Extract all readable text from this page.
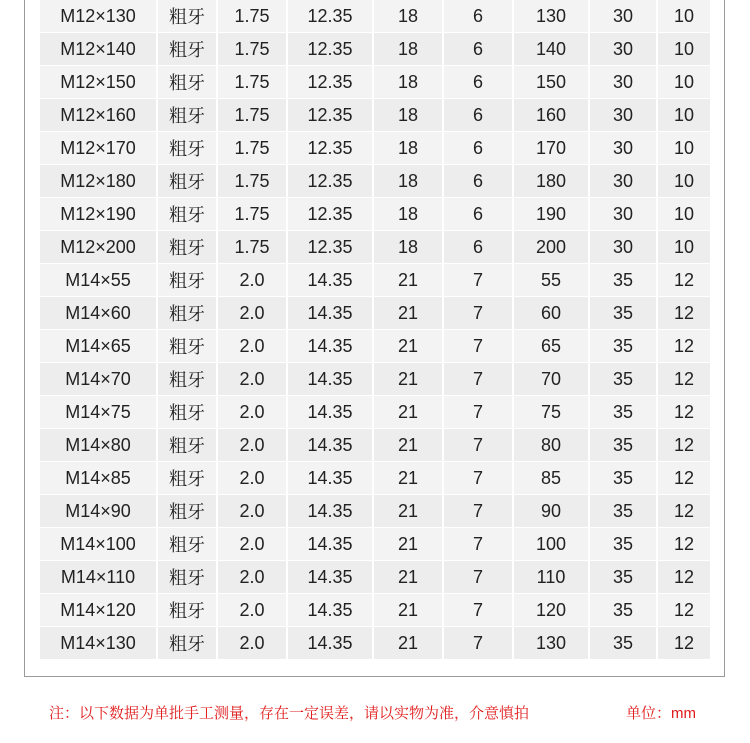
M12×130	粗牙	1.75	12.35	18	6	130	30	10
M12×140	粗牙	1.75	12.35	18	6	140	30	10
M12×150	粗牙	1.75	12.35	18	6	150	30	10
M12×160	粗牙	1.75	12.35	18	6	160	30	10
M12×170	粗牙	1.75	12.35	18	6	170	30	10
M12×180	粗牙	1.75	12.35	18	6	180	30	10
M12×190	粗牙	1.75	12.35	18	6	190	30	10
M12×200	粗牙	1.75	12.35	18	6	200	30	10
M14×55	粗牙	2.0	14.35	21	7	55	35	12
M14×60	粗牙	2.0	14.35	21	7	60	35	12
M14×65	粗牙	2.0	14.35	21	7	65	35	12
M14×70	粗牙	2.0	14.35	21	7	70	35	12
M14×75	粗牙	2.0	14.35	21	7	75	35	12
M14×80	粗牙	2.0	14.35	21	7	80	35	12
M14×85	粗牙	2.0	14.35	21	7	85	35	12
M14×90	粗牙	2.0	14.35	21	7	90	35	12
M14×100	粗牙	2.0	14.35	21	7	100	35	12
M14×110	粗牙	2.0	14.35	21	7	110	35	12
M14×120	粗牙	2.0	14.35	21	7	120	35	12
M14×130	粗牙	2.0	14.35	21	7	130	35	12
注：以下数据为单批手工测量，存在一定误差，请以实物为准，介意慎拍	单位：mm
